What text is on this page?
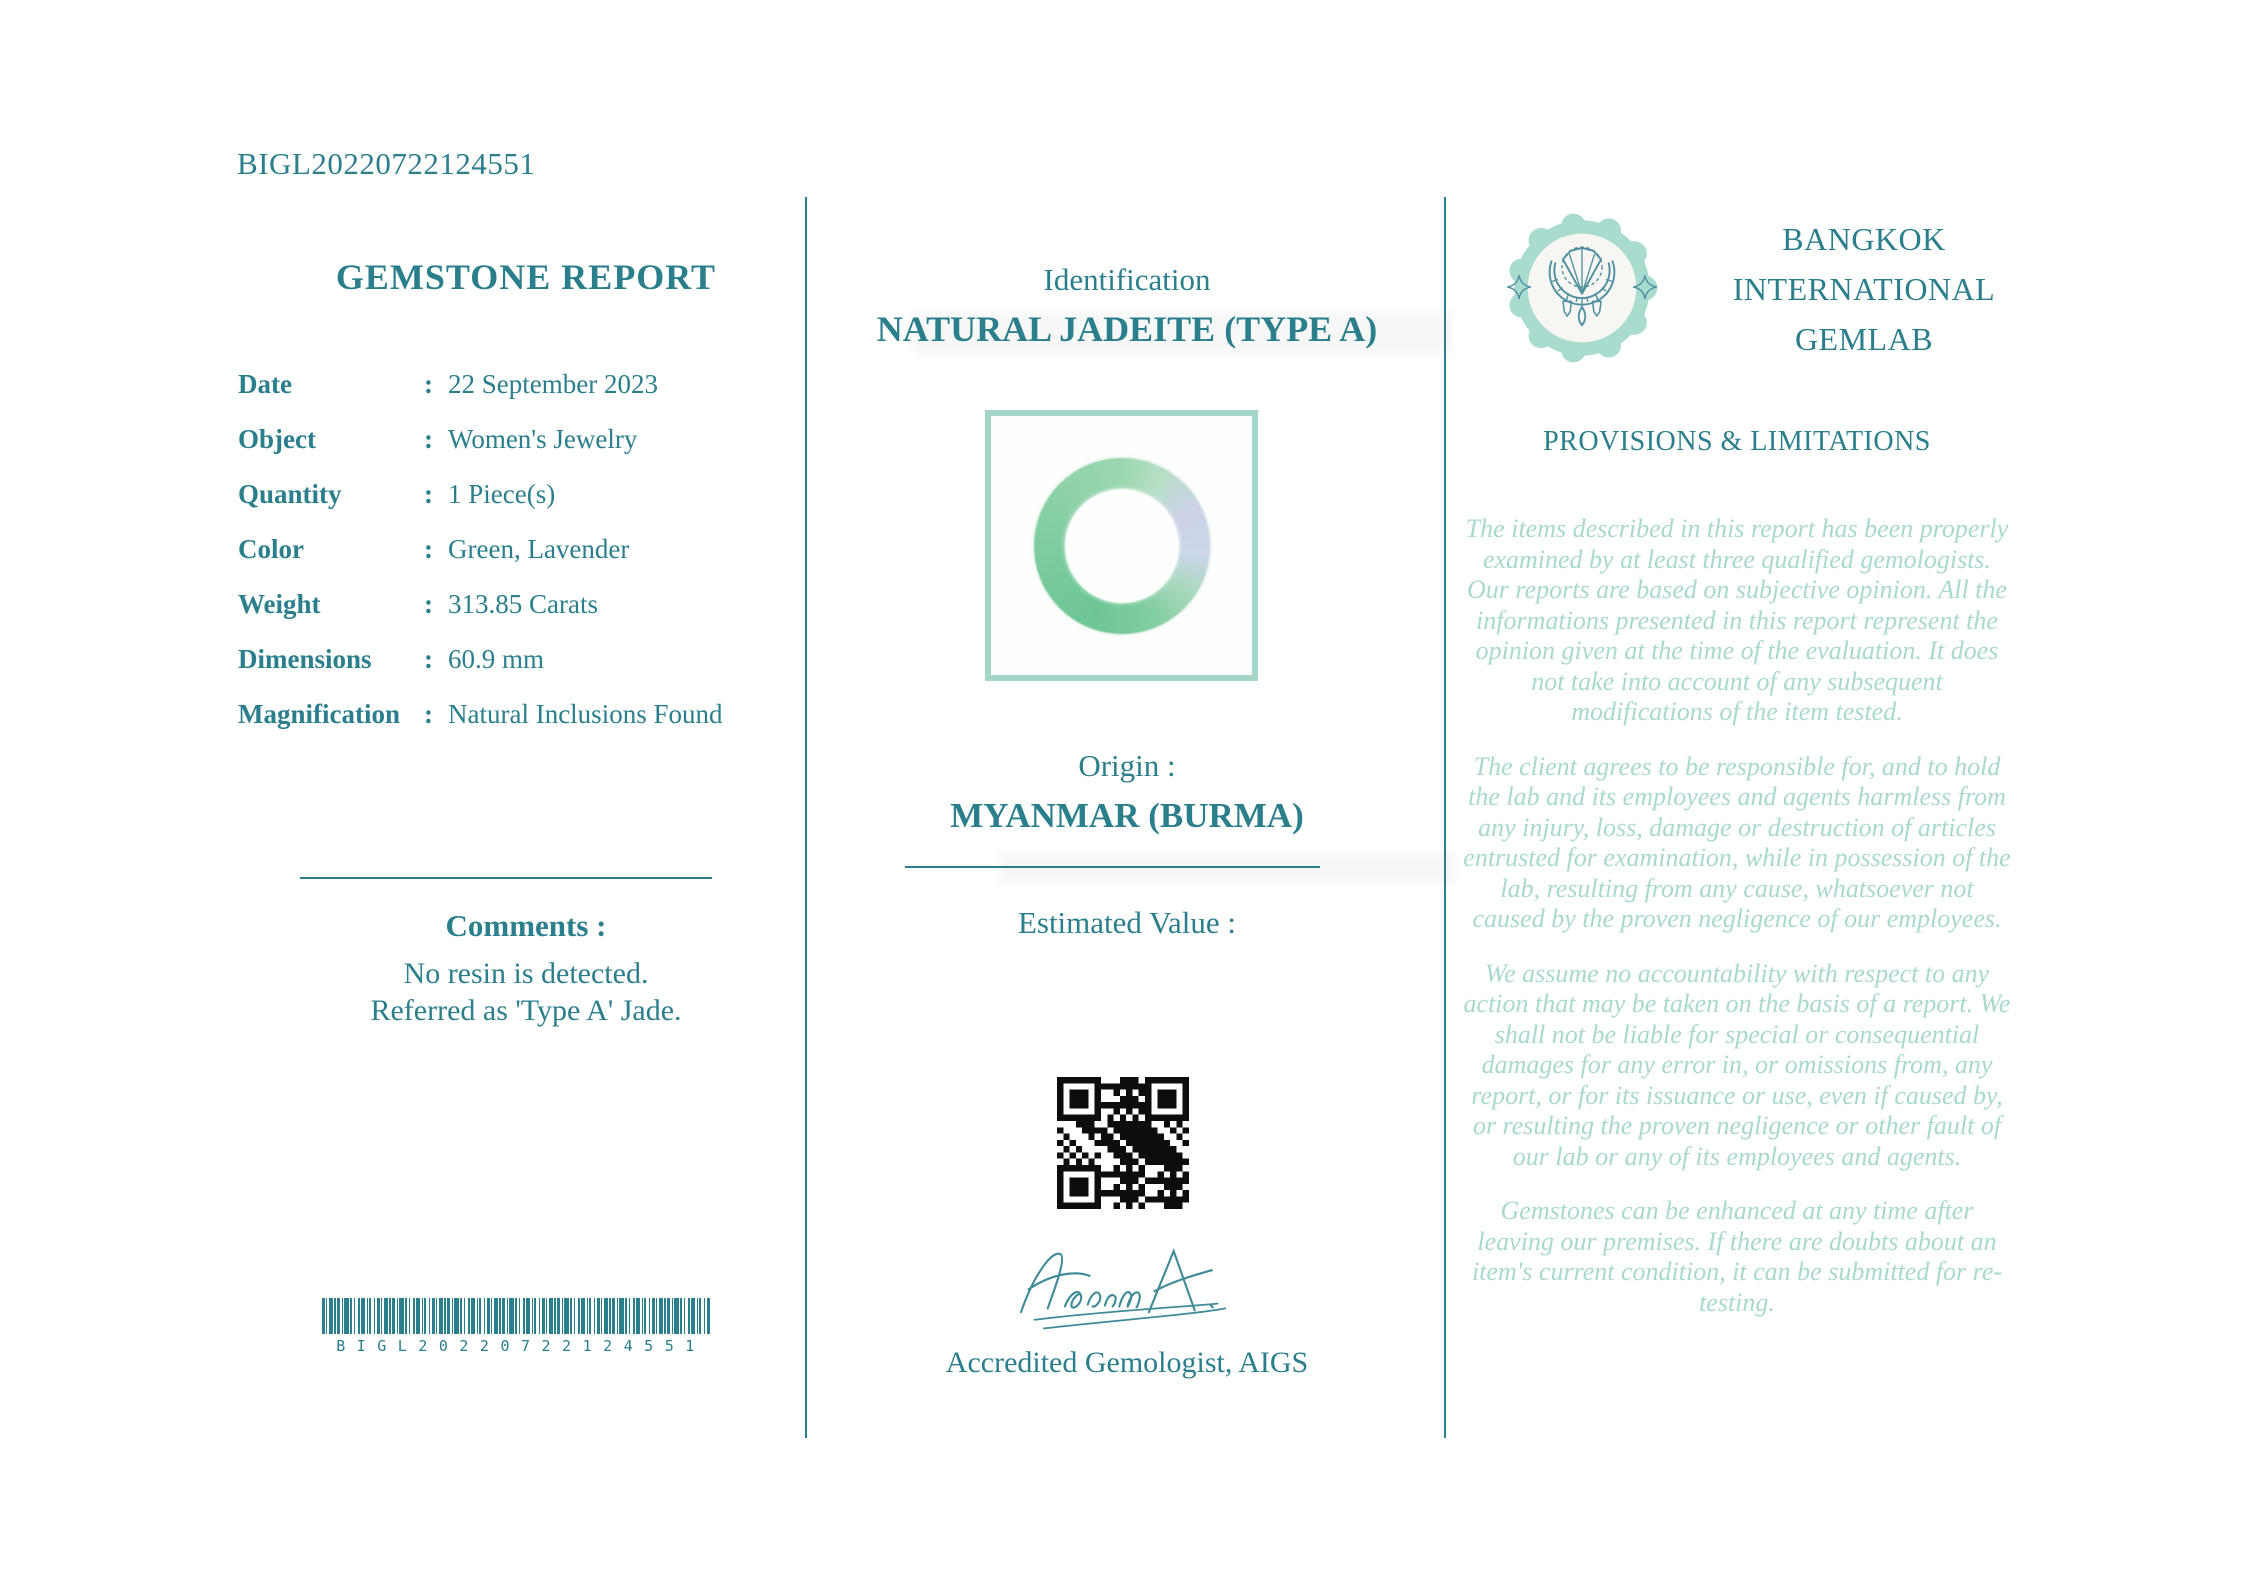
BIGL20220722124551
GEMSTONE REPORT
Date	: 22 September 2023
Object	: Women's Jewelry
Quantity	: 1 Piece(s)
Color	: Green, Lavender
Weight	: 313.85 Carats
Dimensions	: 60.9 mm
Magnification : Natural Inclusions Found
Comments :
No resin is detected.
Referred as 'Type A' Jade.
BIGL20220722124551
Identification
NATURAL JADEITE (TYPE A)
Origin :
MYANMAR (BURMA)
Estimated Value :
Accredited Gemologist, AIGS
BANGKOK
INTERNATIONAL
GEMLAB
PROVISIONS & LIMITATIONS

The items described in this report has been properly examined by at least three qualified gemologists. Our reports are based on subjective opinion. All the informations presented in this report represent the opinion given at the time of the evaluation. It does not take into account of any subsequent modifications of the item tested.

The client agrees to be responsible for, and to hold the lab and its employees and agents harmless from any injury, loss, damage or destruction of articles entrusted for examination, while in possession of the lab, resulting from any cause, whatsoever not caused by the proven negligence of our employees.

We assume no accountability with respect to any action that may be taken on the basis of a report. We shall not be liable for special or consequential damages for any error in, or omissions from, any report, or for its issuance or use, even if caused by, or resulting the proven negligence or other fault of our lab or any of its employees and agents.

Gemstones can be enhanced at any time after leaving our premises. If there are doubts about an item's current condition, it can be submitted for re-testing.
